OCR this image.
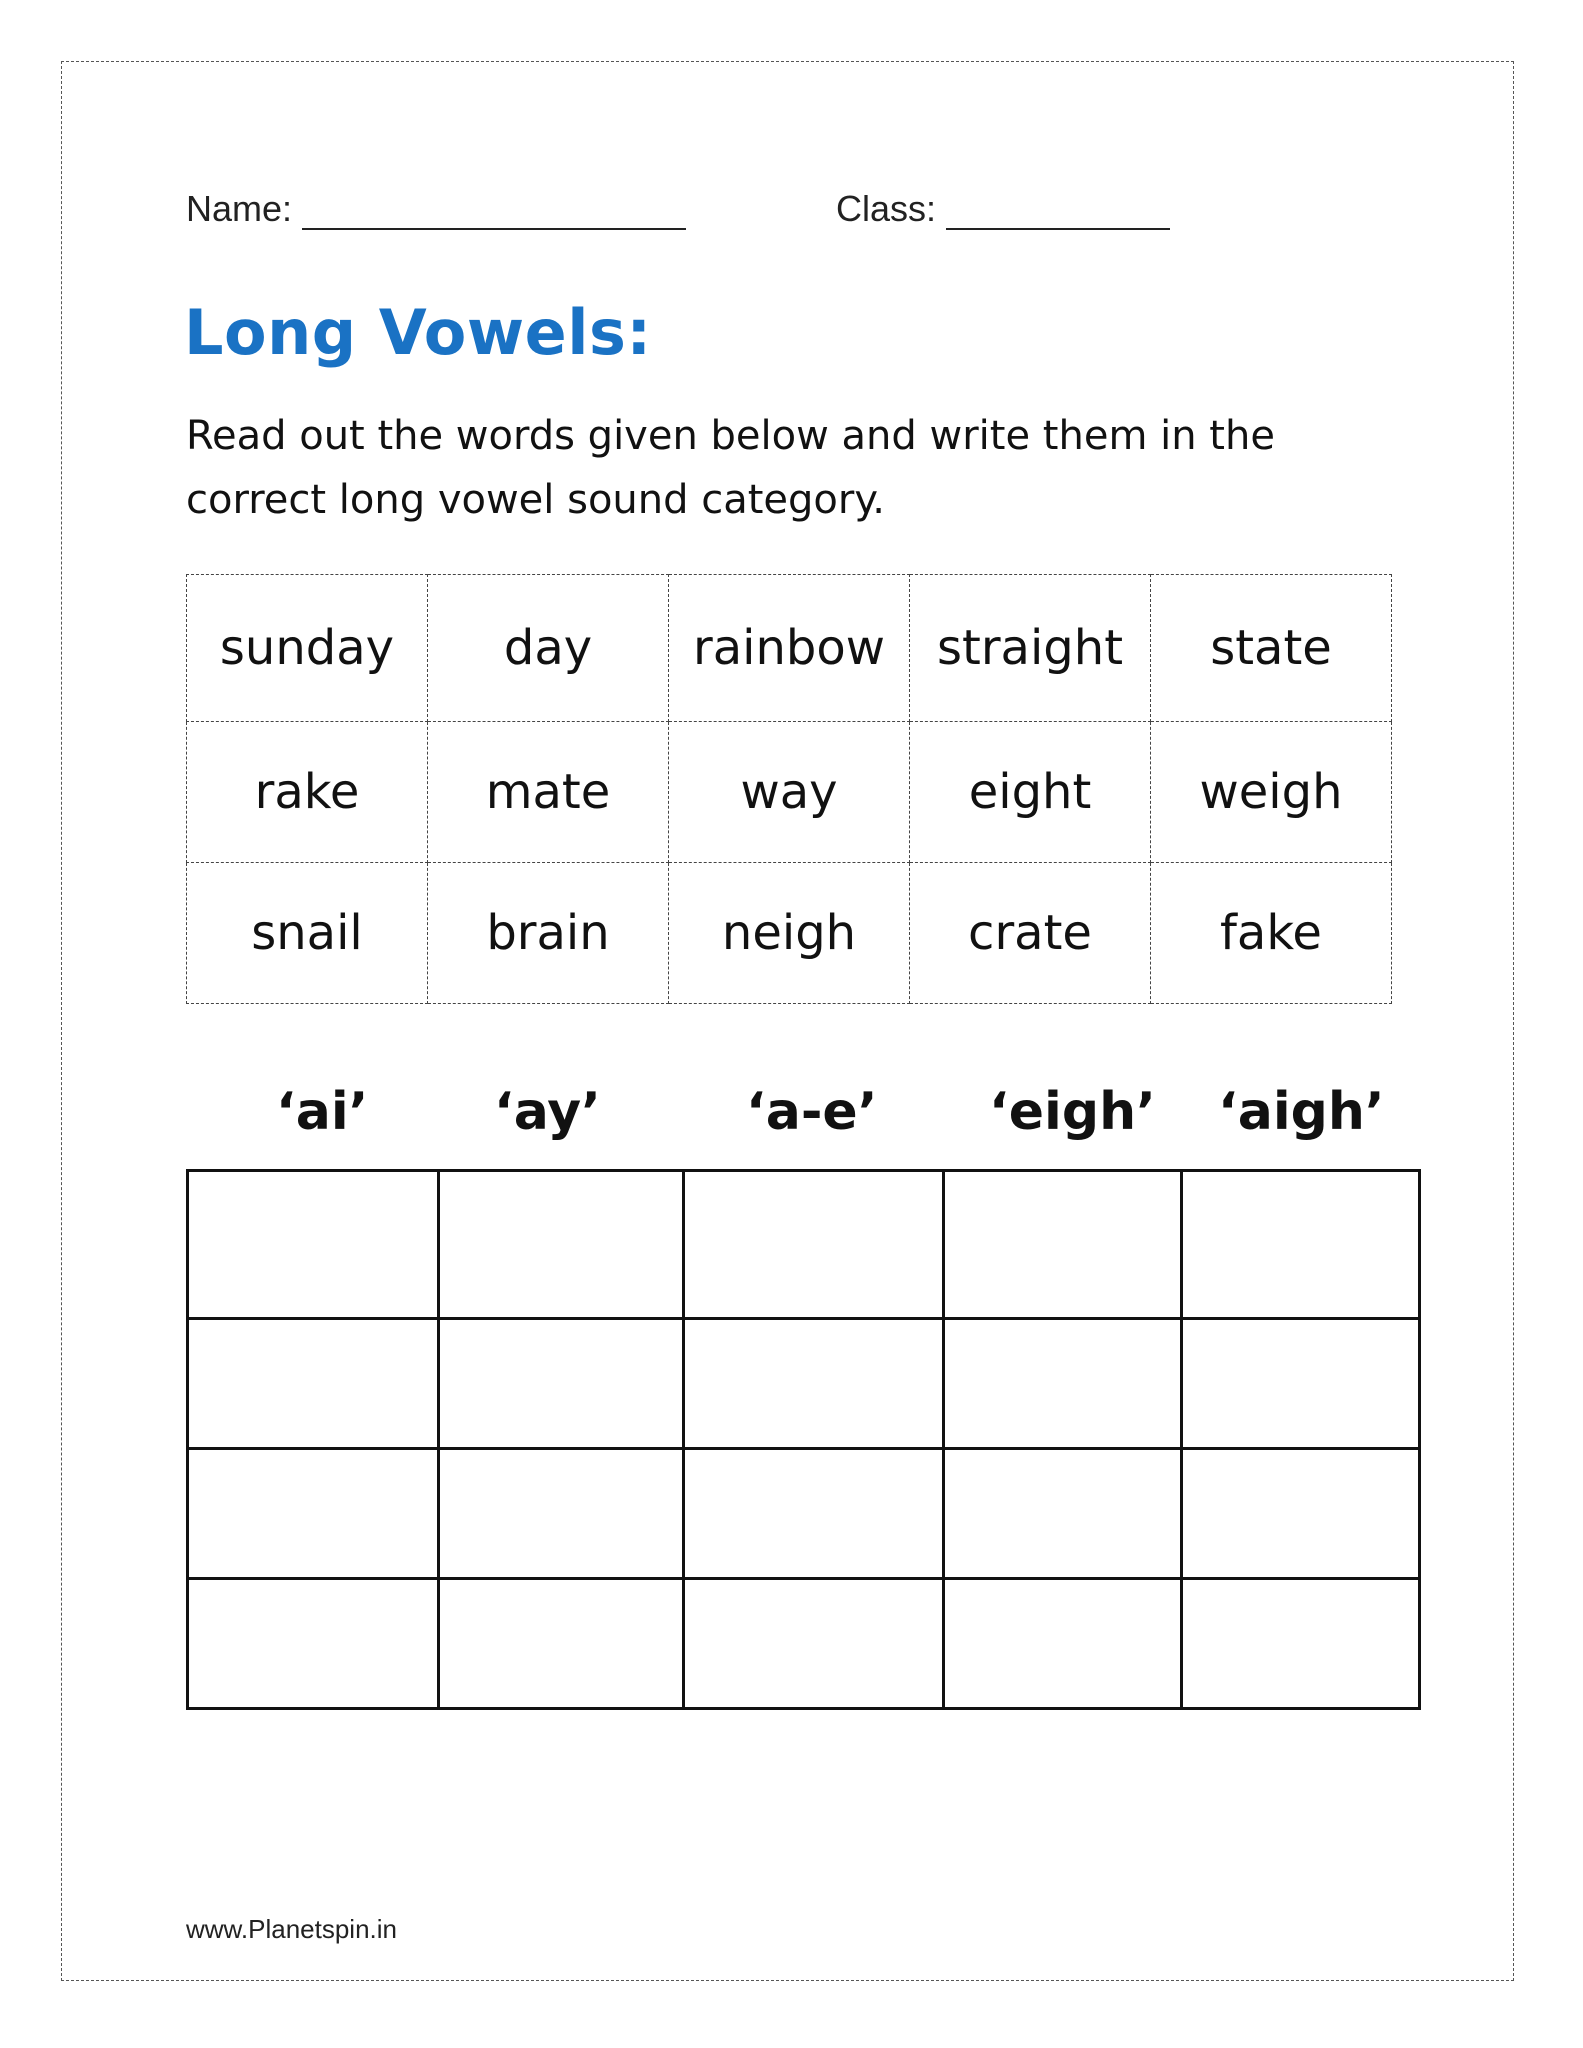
Name:	Class:
Long Vowels:

Read out the words given below and write them in the correct long vowel sound category.

sunday	day	rainbow	straight	state
rake	mate	way	eight	weigh
snail	brain	neigh	crate	fake
‘ai’ ‘ay’	‘a-e’ ‘eigh’ ‘aigh’

www.Planetspin.in
